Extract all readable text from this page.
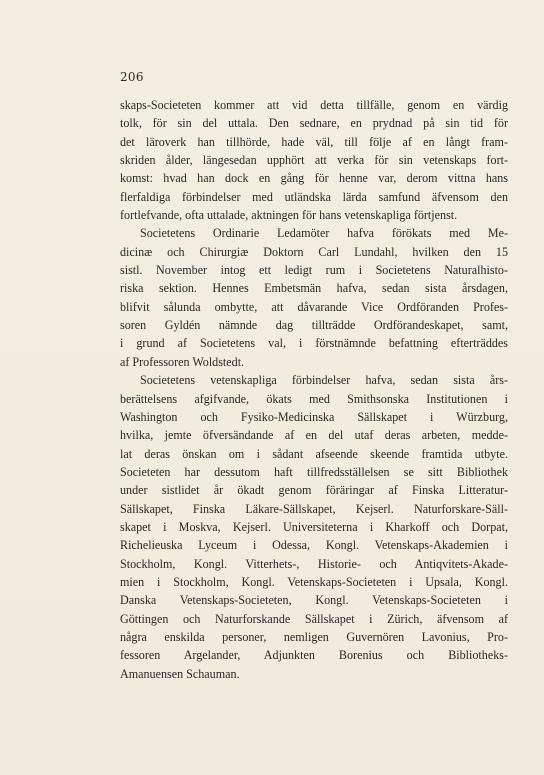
206
skaps-Societeten kommer att vid detta tillfälle, genom en värdig
tolk, för sin del uttala. Den sednare, en prydnad på sin tid för
det läroverk han tillhörde, hade väl, till följe af en långt fram-
skriden ålder, längesedan upphört att verka för sin vetenskaps fort-
komst: hvad han dock en gång för henne var, derom vittna hans
flerfaldiga förbindelser med utländska lärda samfund äfvensom den
fortlefvande, ofta uttalade, aktningen för hans vetenskapliga förtjenst.
Societetens Ordinarie Ledamöter hafva förökats med Me-
dicinæ och Chirurgiæ Doktorn Carl Lundahl, hvilken den 15
sistl. November intog ett ledigt rum i Societetens Naturalhisto-
riska sektion. Hennes Embetsmän hafva, sedan sista årsdagen,
blifvit sålunda ombytte, att dåvarande Vice Ordföranden Profes-
soren Gyldén nämnde dag tillträdde Ordförandeskapet, samt,
i grund af Societetens val, i förstnämnde befattning efterträddes
af Professoren Woldstedt.
Societetens vetenskapliga förbindelser hafva, sedan sista års-
berättelsens afgifvande, ökats med Smithsonska Institutionen i
Washington och Fysiko-Medicinska Sällskapet i Würzburg,
hvilka, jemte öfversändande af en del utaf deras arbeten, medde-
lat deras önskan om i sådant afseende skeende framtida utbyte.
Societeten har dessutom haft tillfredsställelsen se sitt Bibliothek
under sistlidet år ökadt genom föräringar af Finska Litteratur-
Sällskapet, Finska Läkare-Sällskapet, Kejserl. Naturforskare-Säll-
skapet i Moskva, Kejserl. Universiteterna i Kharkoff och Dorpat,
Richelieuska Lyceum i Odessa, Kongl. Vetenskaps-Akademien i
Stockholm, Kongl. Vitterhets-, Historie- och Antiqvitets-Akade-
mien i Stockholm, Kongl. Vetenskaps-Societeten i Upsala, Kongl.
Danska Vetenskaps-Societeten, Kongl. Vetenskaps-Societeten i
Göttingen och Naturforskande Sällskapet i Zürich, äfvensom af
några enskilda personer, nemligen Guvernören Lavonius, Pro-
fessoren Argelander, Adjunkten Borenius och Bibliotheks-
Amanuensen Schauman.
